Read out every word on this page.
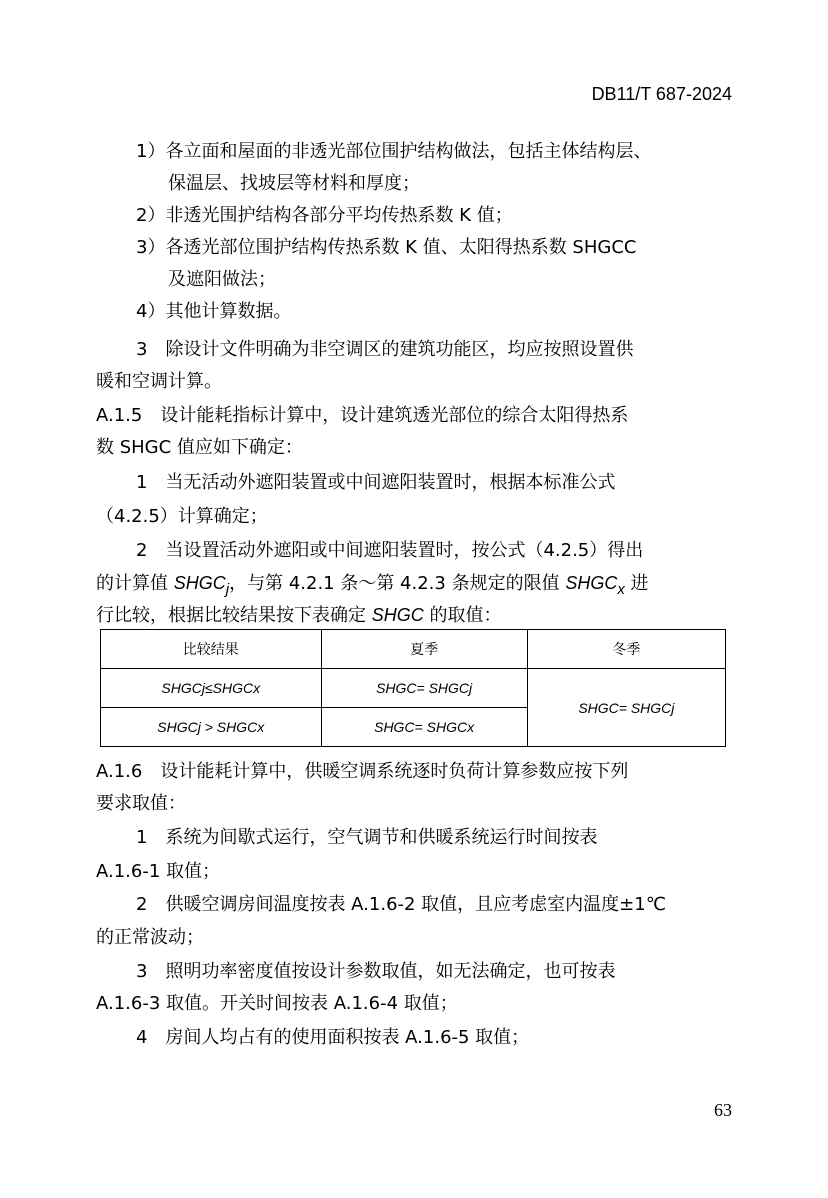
DB11/T 687-2024
1）各立面和屋面的非透光部位围护结构做法，包括主体结构层、
保温层、找坡层等材料和厚度；
2）非透光围护结构各部分平均传热系数 K 值；
3）各透光部位围护结构传热系数 K 值、太阳得热系数 SHGCC
及遮阳做法；
4）其他计算数据。
3　除设计文件明确为非空调区的建筑功能区，均应按照设置供
暖和空调计算。
A.1.5　设计能耗指标计算中，设计建筑透光部位的综合太阳得热系
数 SHGC 值应如下确定：
1　当无活动外遮阳装置或中间遮阳装置时，根据本标准公式
（4.2.5）计算确定；
2　当设置活动外遮阳或中间遮阳装置时，按公式（4.2.5）得出
的计算值 $SHGC_j$，与第 4.2.1 条～第 4.2.3 条规定的限值 $SHGC_x$ 进
行比较，根据比较结果按下表确定 SHGC 的取值：
比较结果	夏季	冬季
SHGCj≤SHGCx	SHGC= SHGCj	SHGC= SHGCj
SHGCj > SHGCx	SHGC= SHGCx	
A.1.6　设计能耗计算中，供暖空调系统逐时负荷计算参数应按下列
要求取值：
1　系统为间歇式运行，空气调节和供暖系统运行时间按表
A.1.6-1 取值；
2　供暖空调房间温度按表 A.1.6-2 取值，且应考虑室内温度±1℃
的正常波动；
3　照明功率密度值按设计参数取值，如无法确定，也可按表
A.1.6-3 取值。开关时间按表 A.1.6-4 取值；
4　房间人均占有的使用面积按表 A.1.6-5 取值；
63
